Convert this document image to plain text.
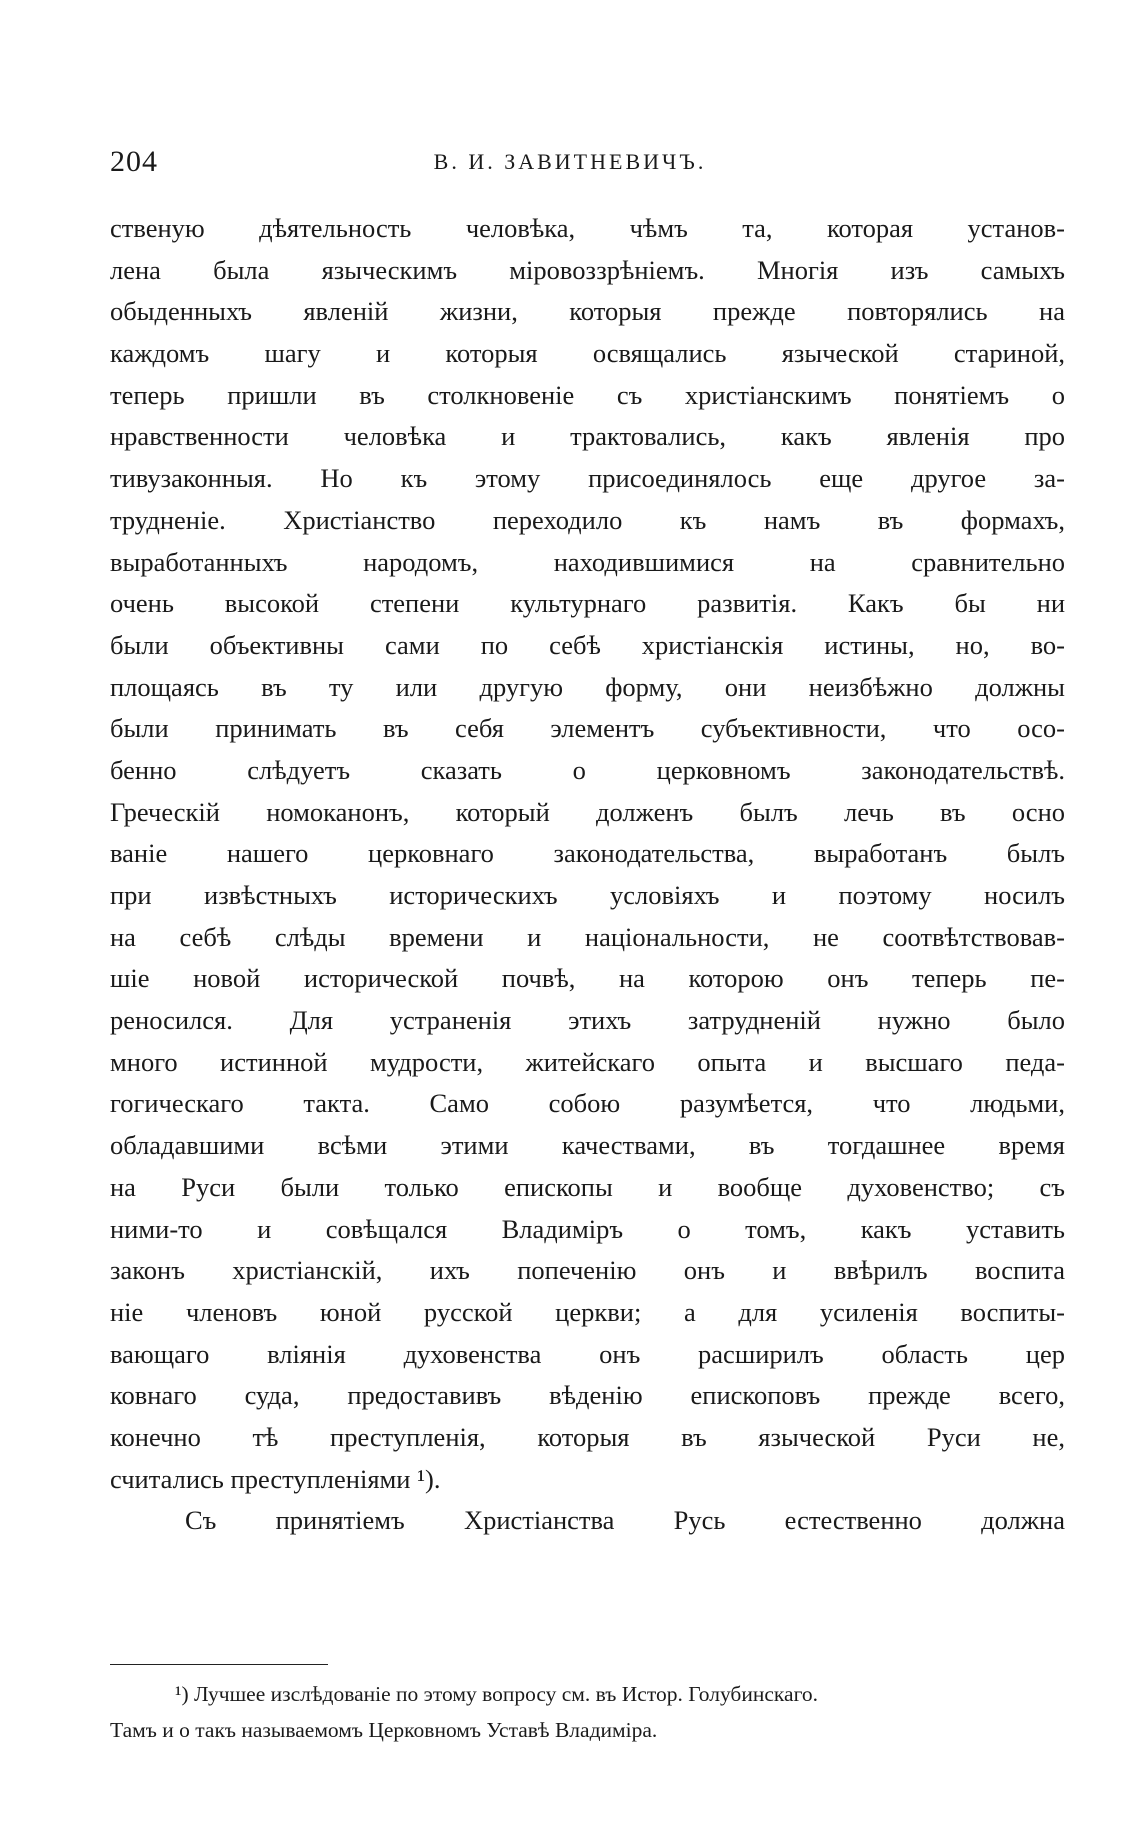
204	В. И. ЗАВИТНЕВИЧЪ.
ственую дѣятельность человѣка, чѣмъ та, которая установ-
лена была языческимъ міровоззрѣніемъ. Многія изъ самыхъ
обыденныхъ явленій жизни, которыя прежде повторялись на
каждомъ шагу и которыя освящались языческой стариной,
теперь пришли въ столкновеніе съ христіанскимъ понятіемъ о
нравственности человѣка и трактовались, какъ явленія про
тивузаконныя. Но къ этому присоединялось еще другое за-
трудненіе. Христіанство переходило къ намъ въ формахъ,
выработанныхъ народомъ, находившимися на сравнительно
очень высокой степени культурнаго развитія. Какъ бы ни
были объективны сами по себѣ христіанскія истины, но, во-
площаясь въ ту или другую форму, они неизбѣжно должны
были принимать въ себя элементъ субъективности, что осо-
бенно слѣдуетъ сказать о церковномъ законодательствѣ.
Греческій номоканонъ, который долженъ былъ лечь въ осно
ваніе нашего церковнаго законодательства, выработанъ былъ
при извѣстныхъ историческихъ условіяхъ и поэтому носилъ
на себѣ слѣды времени и національности, не соотвѣтствовав-
шіе новой исторической почвѣ, на которою онъ теперь пе-
реносился. Для устраненія этихъ затрудненій нужно было
много истинной мудрости, житейскаго опыта и высшаго педа-
гогическаго такта. Само собою разумѣется, что людьми,
обладавшими всѣми этими качествами, въ тогдашнее время
на Руси были только епископы и вообще духовенство; съ
ними-то и совѣщался Владиміръ о томъ, какъ уставить
законъ христіанскій, ихъ попеченію онъ и ввѣрилъ воспита
ніе членовъ юной русской церкви; а для усиленія воспиты-
вающаго вліянія духовенства онъ расширилъ область цер
ковнаго суда, предоставивъ вѣденію епископовъ прежде всего,
конечно тѣ преступленія, которыя въ языческой Руси не,
считались преступленіями ¹).
Съ принятіемъ Христіанства Русь естественно должна
¹) Лучшее изслѣдованіе по этому вопросу см. въ Истор. Голубинскаго.
Тамъ и о такъ называемомъ Церковномъ Уставѣ Владиміра.
